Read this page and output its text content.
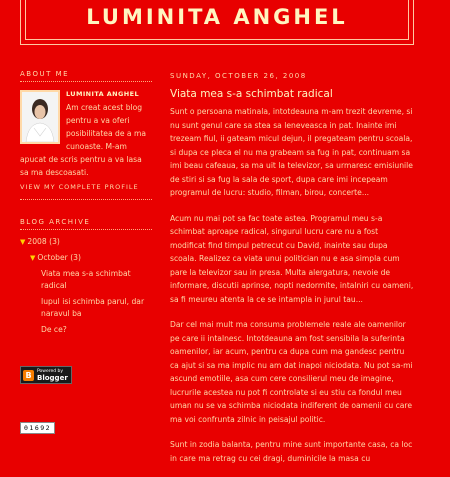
LUMINITA ANGHEL
ABOUT ME
LUMINITA ANGHEL
Am creat acest blog pentru a va oferi posibilitatea de a ma cunoaste. M-am apucat de scris pentru a va lasa sa ma descoasati.
VIEW MY COMPLETE PROFILE
BLOG ARCHIVE
▼ 2008 (3)
▼ October (3)
Viata mea s-a schimbat radical
Iupul isi schimba parul, dar naravul ba
De ce?
B	Powered by
Blogger
01692
SUNDAY, OCTOBER 26, 2008
Viata mea s-a schimbat radical

Sunt o persoana matinala, intotdeauna m-am trezit devreme, si nu sunt genul care sa stea sa leneveasca in pat. Inainte imi trezeam fiul, ii gateam micul dejun, il pregateam pentru scoala, si dupa ce pleca el nu ma grabeam sa fug in pat, continuam sa imi beau cafeaua, sa ma uit la televizor, sa urmaresc emisiunile de stiri si sa fug la sala de sport, dupa care imi incepeam programul de lucru: studio, filman, birou, concerte...

Acum nu mai pot sa fac toate astea. Programul meu s-a schimbat aproape radical, singurul lucru care nu a fost modificat find timpul petrecut cu David, inainte sau dupa scoala. Realizez ca viata unui politician nu e asa simpla cum pare la televizor sau in presa. Multa alergatura, nevoie de informare, discutii aprinse, nopti nedormite, intalniri cu oameni, sa fi meureu atenta la ce se intampla in jurul tau...

Dar cel mai mult ma consuma problemele reale ale oamenilor pe care ii intalnesc. Intotdeauna am fost sensibila la suferinta oamenilor, iar acum, pentru ca dupa cum ma gandesc pentru ca ajut si sa ma implic nu am dat inapoi niciodata. Nu pot sa-mi ascund emotiile, asa cum cere consilierul meu de imagine, lucrurile acestea nu pot fi controlate si eu stiu ca fondul meu uman nu se va schimba niciodata indiferent de oamenii cu care ma voi confrunta zilnic in peisajul politic.

Sunt in zodia balanta, pentru mine sunt importante casa, ca loc in care ma retrag cu cei dragi, duminicile la masa cu
